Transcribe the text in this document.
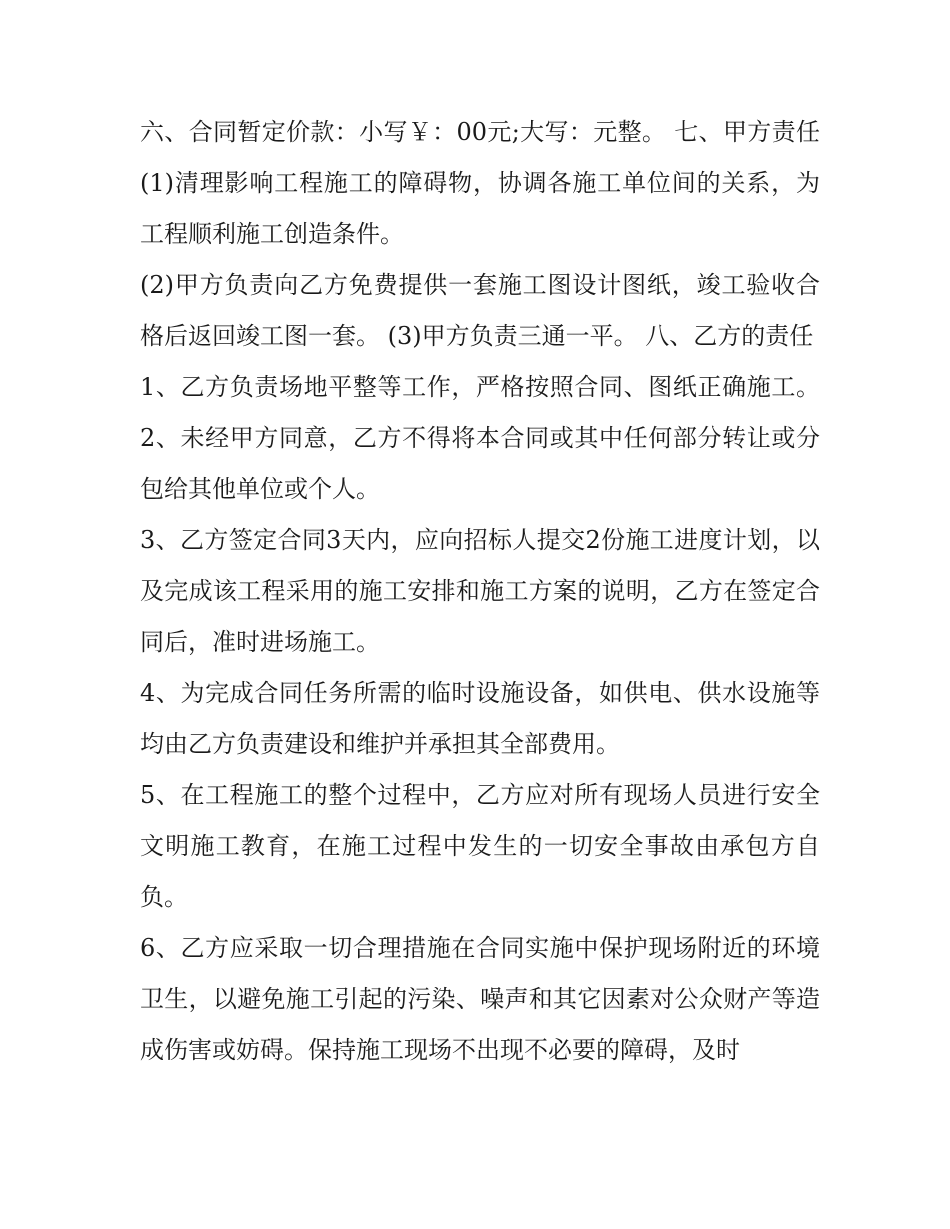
六、合同暂定价款：小写￥：00元;大写：元整。 七、甲方责任 (1)清理影响工程施工的障碍物，协调各施工单位间的关系，为工程顺利施工创造条件。

(2)甲方负责向乙方免费提供一套施工图设计图纸，竣工验收合格后返回竣工图一套。 (3)甲方负责三通一平。 八、乙方的责任

1、乙方负责场地平整等工作，严格按照合同、图纸正确施工。 2、未经甲方同意，乙方不得将本合同或其中任何部分转让或分包给其他单位或个人。

3、乙方签定合同3天内，应向招标人提交2份施工进度计划，以及完成该工程采用的施工安排和施工方案的说明，乙方在签定合同后，准时进场施工。

4、为完成合同任务所需的临时设施设备，如供电、供水设施等均由乙方负责建设和维护并承担其全部费用。

5、在工程施工的整个过程中，乙方应对所有现场人员进行安全文明施工教育，在施工过程中发生的一切安全事故由承包方自负。

6、乙方应采取一切合理措施在合同实施中保护现场附近的环境卫生，以避免施工引起的污染、噪声和其它因素对公众财产等造成伤害或妨碍。保持施工现场不出现不必要的障碍，及时
